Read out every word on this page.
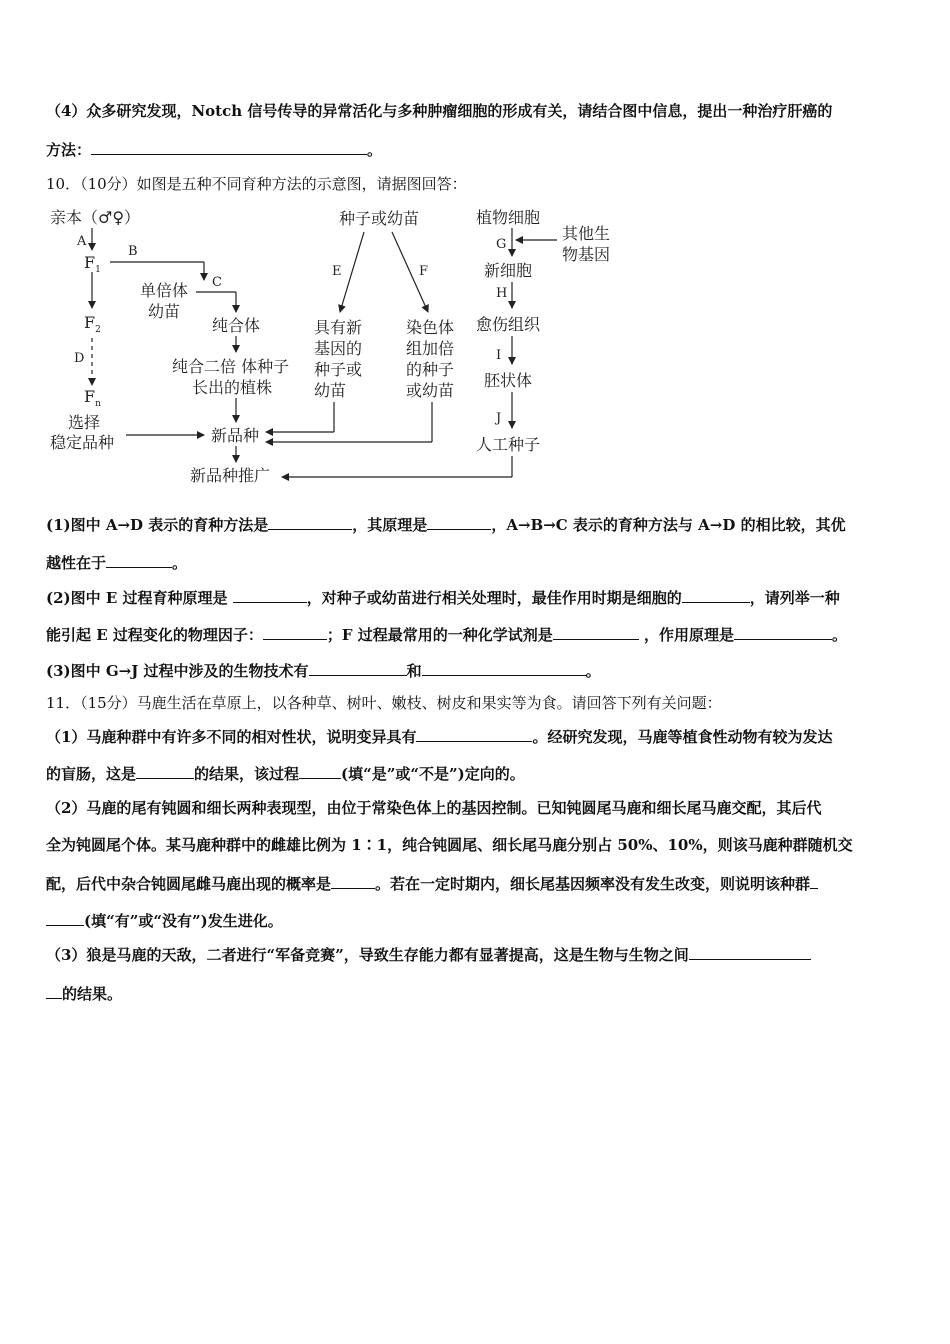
（4）众多研究发现，Notch 信号传导的异常活化与多种肿瘤细胞的形成有关，请结合图中信息，提出一种治疗肝癌的
方法：	。
10．（10分）如图是五种不同育种方法的示意图，请据图回答：
亲本（♂♀）
A
$F_1$
B
$F_2$
D
$F_n$
选择
稳定品种
单倍体
幼苗
C
纯合体
纯合二倍 体种子
长出的植株
新品种
新品种推广
种子或幼苗
E	F
具有新
基因的
种子或
幼苗
染色体
组加倍
的种子
或幼苗
植物细胞
其他生
物基因
G
新细胞
H
愈伤组织
I
胚状体
J
人工种子
(1)图中 A→D 表示的育种方法是	，其原理是	，A→B→C 表示的育种方法与 A→D 的相比较，其优
越性在于	。
(2)图中 E 过程育种原理是	，对种子或幼苗进行相关处理时，最佳作用时期是细胞的	，请列举一种
能引起 E 过程变化的物理因子：	；F 过程最常用的一种化学试剂是	，作用原理是	。
(3)图中 G→J 过程中涉及的生物技术有	和	。
11．（15分）马鹿生活在草原上，以各种草、树叶、嫩枝、树皮和果实等为食。请回答下列有关问题：
（1）马鹿种群中有许多不同的相对性状，说明变异具有	。经研究发现，马鹿等植食性动物有较为发达
的盲肠，这是	的结果，该过程	(填“是”或“不是”)定向的。
（2）马鹿的尾有钝圆和细长两种表现型，由位于常染色体上的基因控制。已知钝圆尾马鹿和细长尾马鹿交配，其后代
全为钝圆尾个体。某马鹿种群中的雌雄比例为 1∶1，纯合钝圆尾、细长尾马鹿分别占 50%、10%，则该马鹿种群随机交
配，后代中杂合钝圆尾雌马鹿出现的概率是	。若在一定时期内，细长尾基因频率没有发生改变，则说明该种群
(填“有”或“没有”)发生进化。
（3）狼是马鹿的天敌，二者进行“军备竞赛”，导致生存能力都有显著提高，这是生物与生物之间
的结果。
